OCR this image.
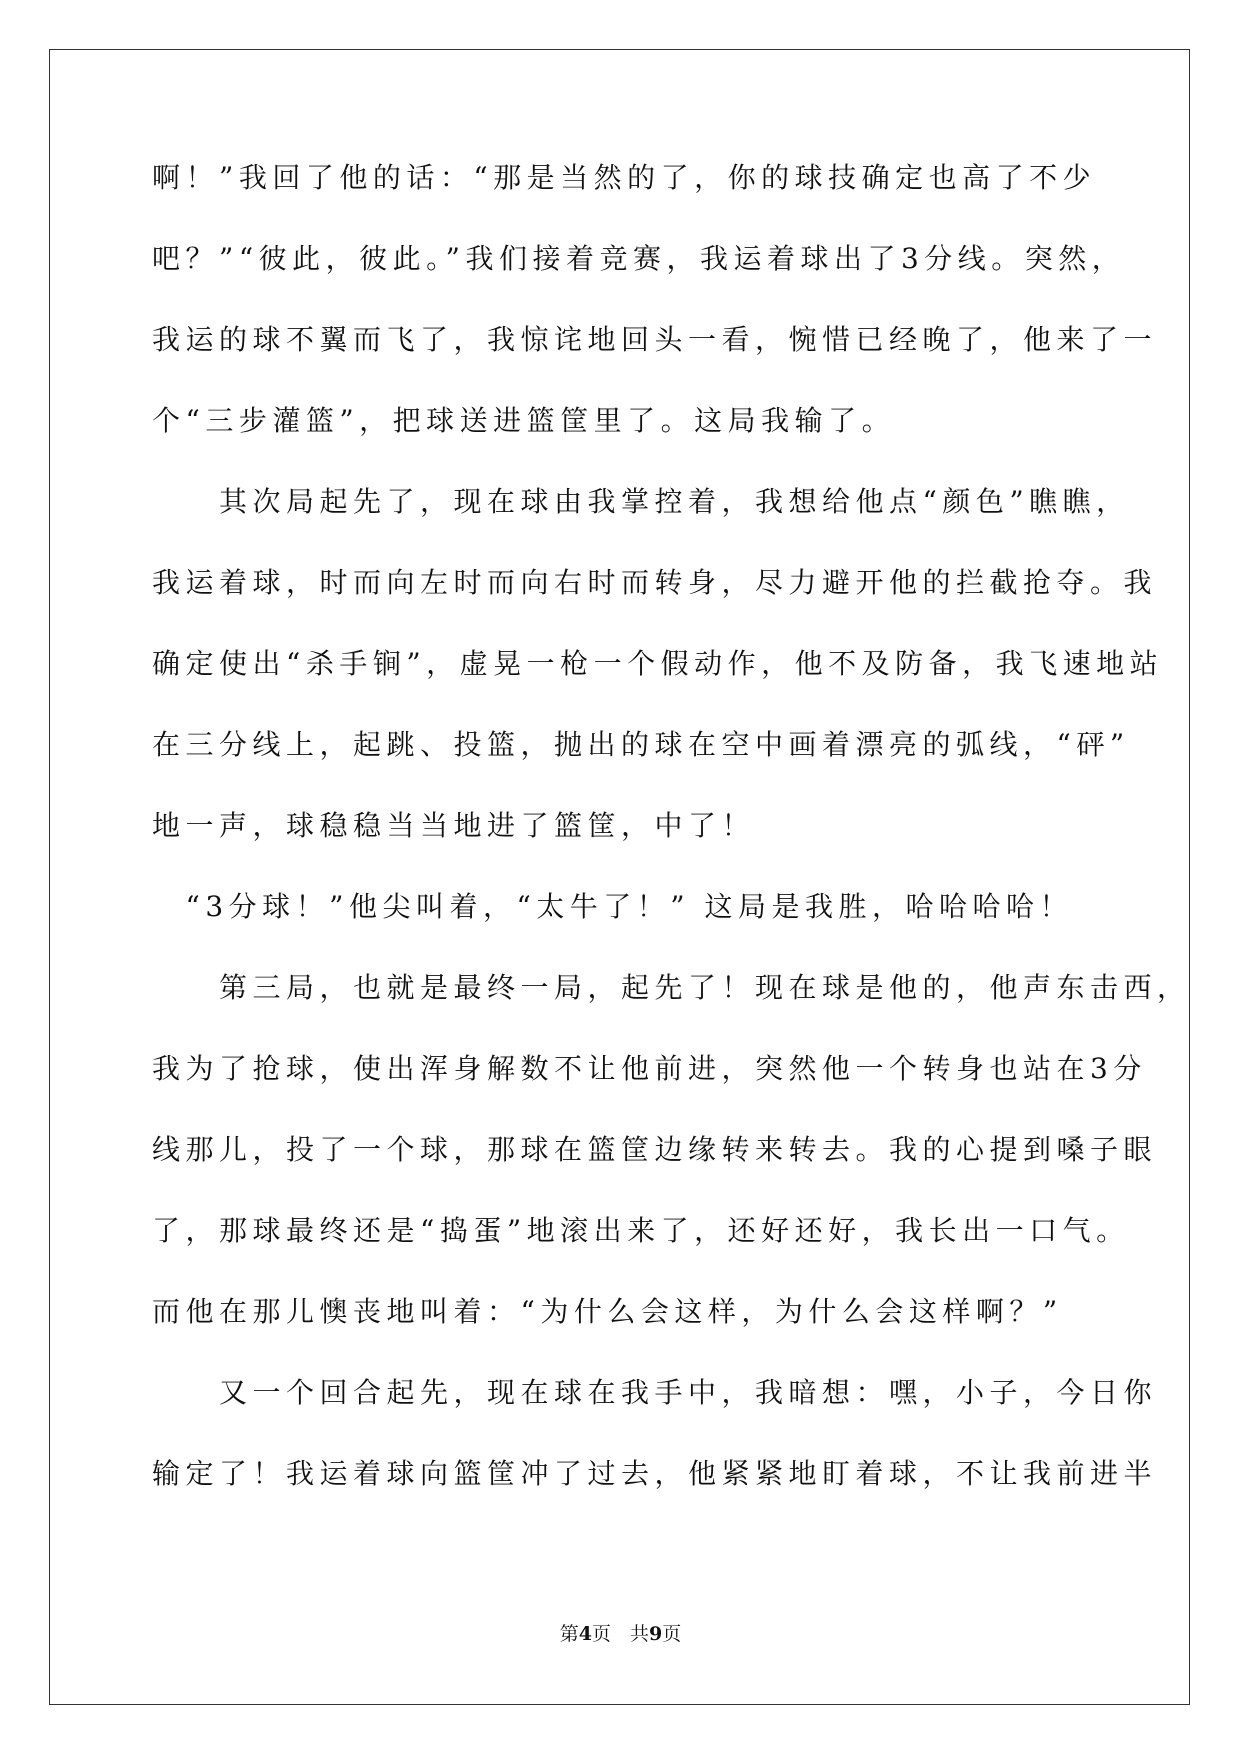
啊！”我回了他的话：“那是当然的了，你的球技确定也高了不少
吧？”“彼此，彼此。”我们接着竞赛，我运着球出了3分线。突然，
我运的球不翼而飞了，我惊诧地回头一看，惋惜已经晚了，他来了一
个“三步灌篮”，把球送进篮筐里了。这局我输了。
　　其次局起先了，现在球由我掌控着，我想给他点“颜色”瞧瞧，
我运着球，时而向左时而向右时而转身，尽力避开他的拦截抢夺。我
确定使出“杀手锏”，虚晃一枪一个假动作，他不及防备，我飞速地站
在三分线上，起跳、投篮，抛出的球在空中画着漂亮的弧线，“砰”
地一声，球稳稳当当地进了篮筐，中了！
　“3分球！”他尖叫着，“太牛了！” 这局是我胜，哈哈哈哈！
　　第三局，也就是最终一局，起先了！现在球是他的，他声东击西，
我为了抢球，使出浑身解数不让他前进，突然他一个转身也站在3分
线那儿，投了一个球，那球在篮筐边缘转来转去。我的心提到嗓子眼
了，那球最终还是“捣蛋”地滚出来了，还好还好，我长出一口气。
而他在那儿懊丧地叫着：“为什么会这样，为什么会这样啊？”
　　又一个回合起先，现在球在我手中，我暗想：嘿，小子，今日你
输定了！我运着球向篮筐冲了过去，他紧紧地盯着球，不让我前进半
第4页　共9页
